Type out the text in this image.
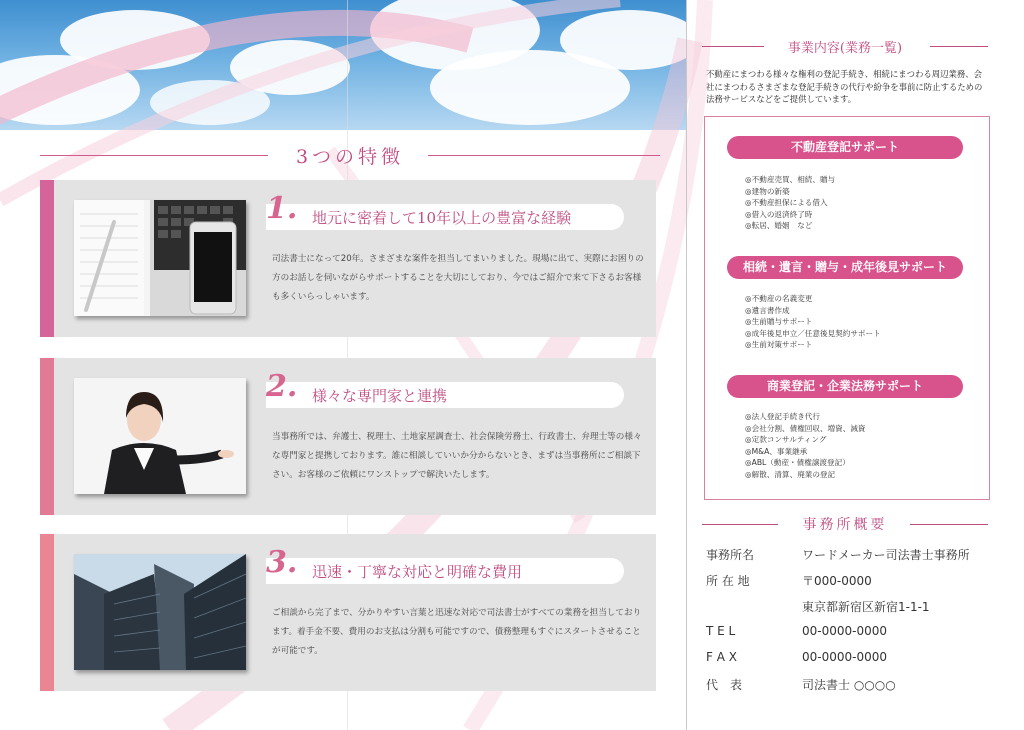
3つの特徴
1. 地元に密着して10年以上の豊富な経験
司法書士になって20年。さまざまな案件を担当してまいりました。現場に出て、実際にお困りの方のお話しを伺いながらサポートすることを大切にしており、今ではご紹介で来て下さるお客様も多くいらっしゃいます。
2. 様々な専門家と連携
当事務所では、弁護士、税理士、土地家屋調査士、社会保険労務士、行政書士、弁理士等の様々な専門家と提携しております。誰に相談していいか分からないとき、まずは当事務所にご相談下さい。お客様のご依頼にワンストップで解決いたします。
3. 迅速・丁寧な対応と明確な費用
ご相談から完了まで、分かりやすい言葉と迅速な対応で司法書士がすべての業務を担当しております。着手金不要、費用のお支払は分割も可能ですので、債務整理もすぐにスタートさせることが可能です。
事業内容(業務一覧)
不動産にまつわる様々な権利の登記手続き、相続にまつわる周辺業務、会社にまつわるさまざまな登記手続きの代行や紛争を事前に防止するための法務サービスなどをご提供しています。
不動産登記サポート
◎不動産売買、相続、贈与
◎建物の新築
◎不動産担保による借入
◎借入の返済終了時
◎転居、婚姻　など
相続・遺言・贈与・成年後見サポート
◎不動産の名義変更
◎遺言書作成
◎生前贈与サポート
◎成年後見申立／任意後見契約サポート
◎生前対策サポート
商業登記・企業法務サポート
◎法人登記手続き代行
◎会社分割、債権回収、増資、減資
◎定款コンサルティング
◎M&A、事業継承
◎ABL（動産・債権譲渡登記）
◎解散、清算、廃業の登記
事務所概要
事務所名	ワードメーカー司法書士事務所
所 在 地	〒000-0000
東京都新宿区新宿1-1-1
T E L	00-0000-0000
F A X	00-0000-0000
代　表	司法書士 ○○○○
